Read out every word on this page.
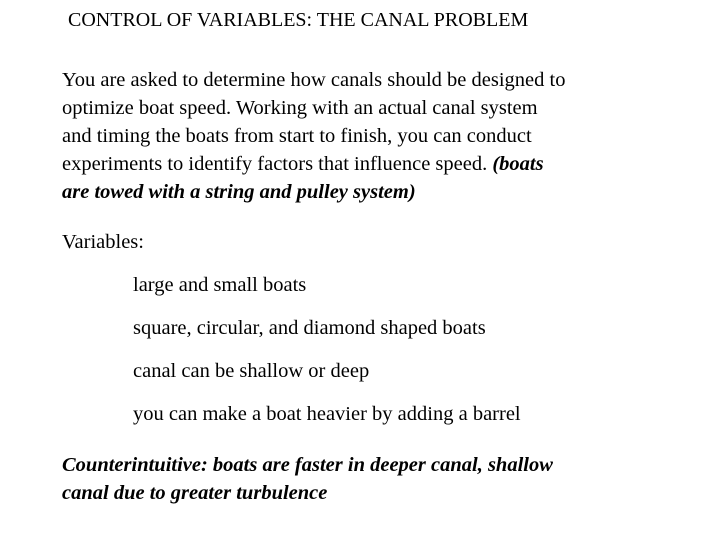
CONTROL OF VARIABLES: THE CANAL PROBLEM

You are asked to determine how canals should be designed to
optimize boat speed. Working with an actual canal system
and timing the boats from start to finish, you can conduct
experiments to identify factors that influence speed. (boats
are towed with a string and pulley system)

Variables:
large and small boats
square, circular, and diamond shaped boats
canal can be shallow or deep
you can make a boat heavier by adding a barrel

Counterintuitive: boats are faster in deeper canal, shallow
canal due to greater turbulence
